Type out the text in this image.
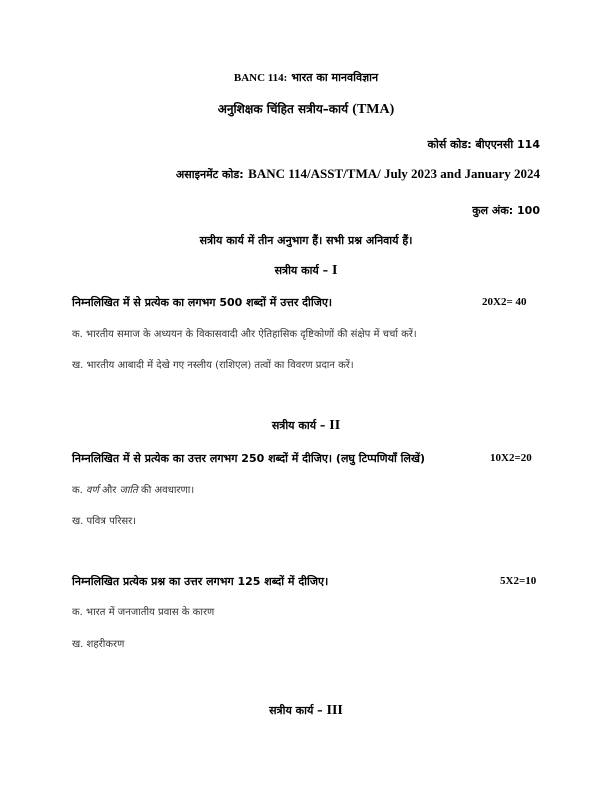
BANC 114: भारत का मानवविज्ञान
अनुशिक्षक चिंहित सत्रीय–कार्य (TMA)
कोर्स कोड: बीएएनसी 114
असाइनमेंट कोड: BANC 114/ASST/TMA/ July 2023 and January 2024
कुल अंक: 100
सत्रीय कार्य में तीन अनुभाग हैं। सभी प्रश्न अनिवार्य हैं।
सत्रीय कार्य – I
निम्नलिखित में से प्रत्येक का लगभग 500 शब्दों में उत्तर दीजिए।	20X2= 40
क. भारतीय समाज के अध्ययन के विकासवादी और ऐतिहासिक दृष्टिकोणों की संक्षेप में चर्चा करें।
ख. भारतीय आबादी में देखे गए नस्लीय (राशिएल) तत्वों का विवरण प्रदान करें।
सत्रीय कार्य – II
निम्नलिखित में से प्रत्येक का उत्तर लगभग 250 शब्दों में दीजिए। (लघु टिप्पणियाँ लिखें)	10X2=20
क. वर्ण और जाति की अवधारणा।
ख. पवित्र परिसर।
निम्नलिखित प्रत्येक प्रश्न का उत्तर लगभग 125 शब्दों में दीजिए।	5X2=10
क. भारत में जनजातीय प्रवास के कारण
ख. शहरीकरण
सत्रीय कार्य – III
